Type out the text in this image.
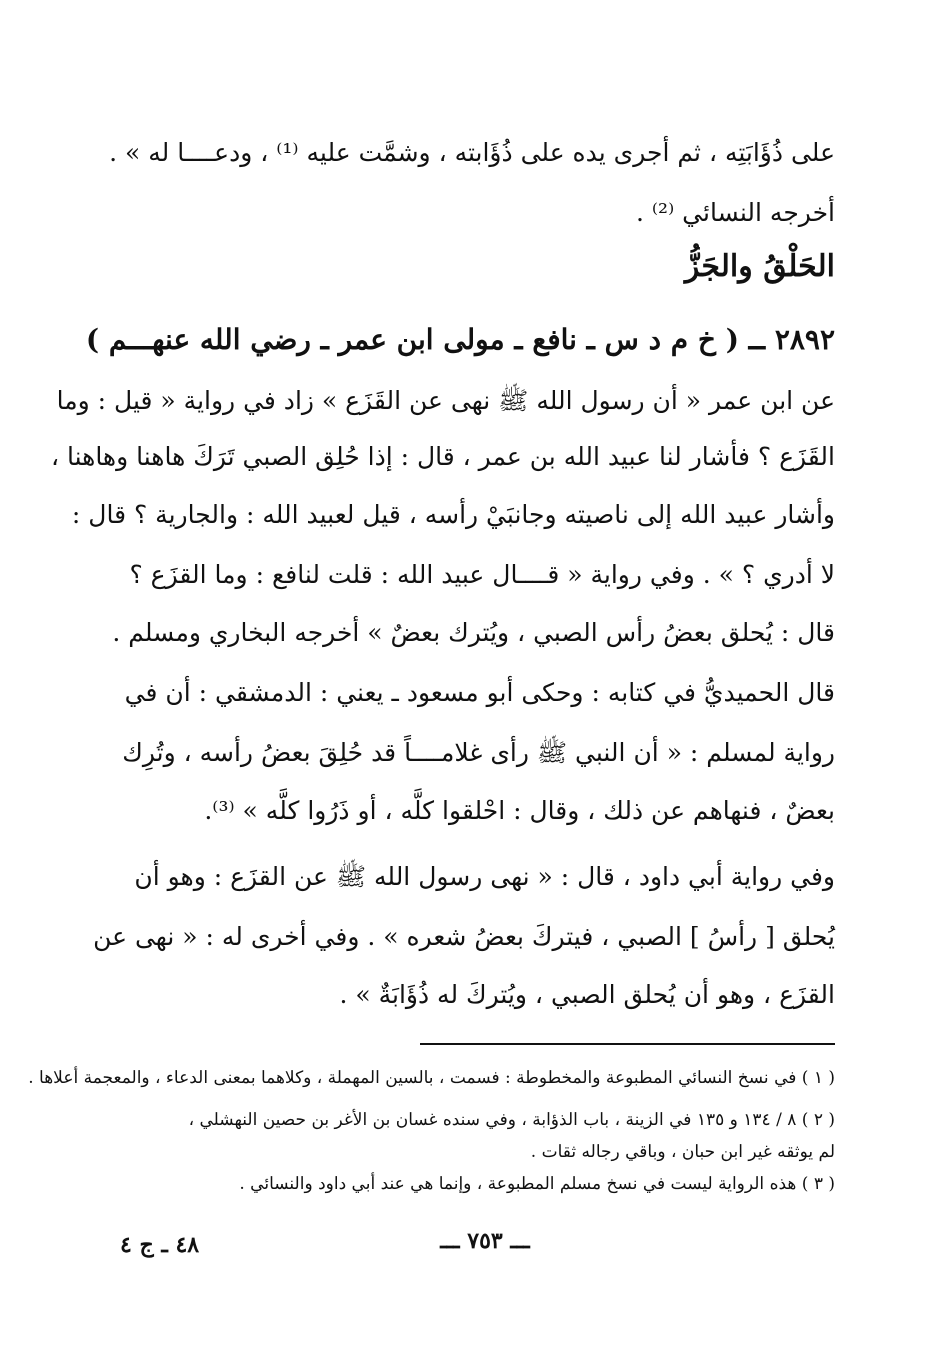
على ذُؤَابَتِه ، ثم أجرى يده على ذُؤَابته ، وشمَّت عليه ⁽¹⁾ ، ودعــــا له » .
أخرجه النسائي ⁽²⁾ .
الحَلْقُ والجَزُّ
٢٨٩٢ ــ ( خ م د س ـ نافع ـ مولى ابن عمر ـ رضي الله عنهـــم )
عن ابن عمر « أن رسول الله ﷺ نهى عن القَزَع » زاد في رواية « قيل : وما
القَزَع ؟ فأشار لنا عبيد الله بن عمر ، قال : إذا حُلِق الصبي تَرَكَ هاهنا وهاهنا ،
وأشار عبيد الله إلى ناصيته وجانبَيْ رأسه ، قيل لعبيد الله : والجارية ؟ قال :
لا أدري ؟ » . وفي رواية « قــــال عبيد الله : قلت لنافع : وما القزَع ؟
قال : يُحلق بعضُ رأس الصبي ، ويُترك بعضٌ » أخرجه البخاري ومسلم .
قال الحميديُّ في كتابه : وحكى أبو مسعود ـ يعني : الدمشقي : أن في
رواية لمسلم : « أن النبي ﷺ رأى غلامــــاً قد حُلِقَ بعضُ رأسه ، وتُرِك
بعضٌ ، فنهاهم عن ذلك ، وقال : احْلقوا كلَّه ، أو ذَرُوا كلَّه » ⁽³⁾.
وفي رواية أبي داود ، قال : « نهى رسول الله ﷺ عن القزَع : وهو أن
يُحلق [ رأسُ ] الصبي ، فيتركَ بعضُ شعره » . وفي أخرى له : « نهى عن
القزَع ، وهو أن يُحلق الصبي ، ويُتركَ له ذُؤَابَةٌ » .
( ١ ) في نسخ النسائي المطبوعة والمخطوطة : فسمت ، بالسين المهملة ، وكلاهما بمعنى الدعاء ، والمعجمة أعلاها .
( ٢ ) ٨ / ١٣٤ و ١٣٥ في الزينة ، باب الذؤابة ، وفي سنده غسان بن الأغر بن حصين النهشلي ،
لم يوثقه غير ابن حبان ، وباقي رجاله ثقات .
( ٣ ) هذه الرواية ليست في نسخ مسلم المطبوعة ، وإنما هي عند أبي داود والنسائي .
ـــ ٧٥٣ ـــ
٤٨ ـ ج ٤
